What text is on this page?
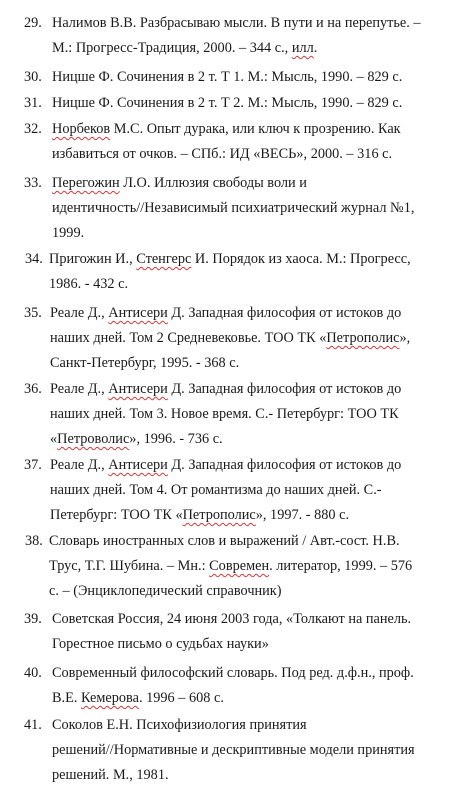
29. Налимов В.В. Разбрасываю мысли. В пути и на перепутье. –
М.: Прогресс-Традиция, 2000. – 344 с., илл.
30. Ницше Ф. Сочинения в 2 т. Т 1. М.: Мысль, 1990. – 829 с.
31. Ницше Ф. Сочинения в 2 т. Т 2. М.: Мысль, 1990. – 829 с.
32. Норбеков М.С. Опыт дурака, или ключ к прозрению. Как
избавиться от очков. – СПб.: ИД «ВЕСЬ», 2000. – 316 с.
33. Перегожин Л.О. Иллюзия свободы воли и
идентичность//Независимый психиатрический журнал №1,
1999.
34. Пригожин И., Стенгерс И. Порядок из хаоса. М.: Прогресс,
1986. - 432 с.
35. Реале Д., Антисери Д. Западная философия от истоков до
наших дней. Том 2 Средневековье. ТОО ТК «Петрополис»,
Санкт-Петербург, 1995. - 368 с.
36. Реале Д., Антисери Д. Западная философия от истоков до
наших дней. Том 3. Новое время. С.- Петербург: ТОО ТК
«Петроволис», 1996. - 736 с.
37. Реале Д., Антисери Д. Западная философия от истоков до
наших дней. Том 4. От романтизма до наших дней. С.-
Петербург: ТОО ТК «Петрополис», 1997. - 880 с.
38. Словарь иностранных слов и выражений / Авт.-сост. Н.В.
Трус, Т.Г. Шубина. – Мн.: Современ. литератор, 1999. – 576
с. – (Энциклопедический справочник)
39. Советская Россия, 24 июня 2003 года, «Толкают на панель.
Горестное письмо о судьбах науки»
40. Современный философский словарь. Под ред. д.ф.н., проф.
В.Е. Кемерова. 1996 – 608 с.
41. Соколов Е.Н. Психофизиология принятия
решений//Нормативные и дескриптивные модели принятия
решений. М., 1981.
